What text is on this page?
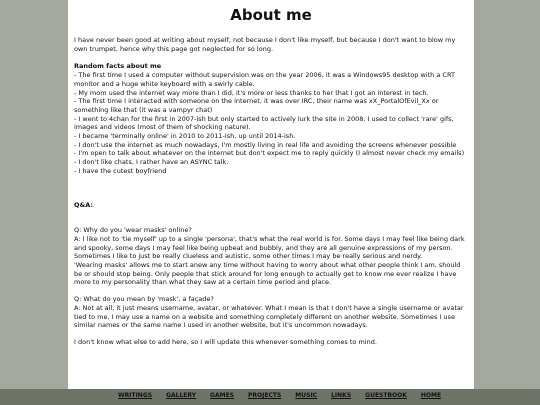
About me

I have never been good at writing about myself, not because I don't like myself, but because I don't want to blow my own trumpet, hence why this page got neglected for so long.

Random facts about me

- The first time I used a computer without supervision was on the year 2006, it was a Windows95 desktop with a CRT monitor and a huge white keyboard with a swirly cable.

- My mom used the internet way more than I did, it's more or less thanks to her that I got an interest in tech.

- The first time I interacted with someone on the internet, it was over IRC, their name was xX_PortalOfEvil_Xx or something like that (it was a vampyr chat)

- I went to 4chan for the first in 2007-ish but only started to actively lurk the site in 2008. I used to collect 'rare' gifs, images and videos (most of them of shocking nature).

- I became 'terminally online' in 2010 to 2011-ish, up until 2014-ish.

- I don't use the internet as much nowadays, I'm mostly living in real life and avoiding the screens whenever possible

- I'm open to talk about whatever on the internet but don't expect me to reply quickly (I almost never check my emails)

- I don't like chats, I rather have an ASYNC talk.

- I have the cutest boyfriend

Q&A:

Q: Why do you 'wear masks' online?

A: I like not to 'tie myself' up to a single 'persona', that's what the real world is for. Some days I may feel like being dark and spooky, some days I may feel like being upbeat and bubbly, and they are all genuine expressions of my person. Sometimes I like to just be really clueless and autistic, some other times I may be really serious and nerdy.

'Wearing masks' allows me to start anew any time without having to worry about what other people think I am, should be or should stop being. Only people that stick around for long enough to actually get to know me ever realize I have more to my personality than what they saw at a certain time period and place.

Q: What do you mean by 'mask', a façade?

A: Not at all, it just means username, avatar, or whatever. What I mean is that I don't have a single username or avatar tied to me, I may use a name on a website and something completely different on another website. Sometimes I use similar names or the same name I used in another website, but it's uncommon nowadays.

I don't know what else to add here, so I will update this whenever something comes to mind.

WRITINGS GALLERY GAMES PROJECTS MUSIC LINKS GUESTBOOK HOME
